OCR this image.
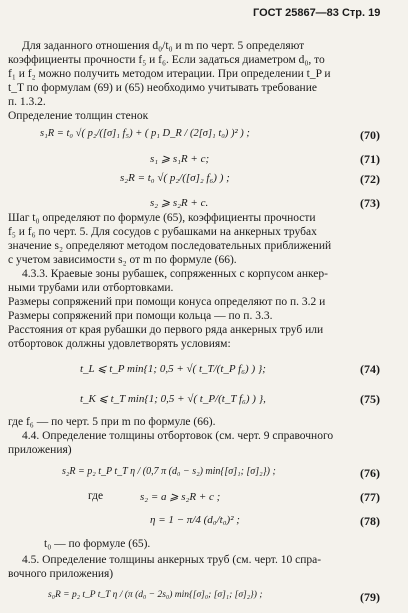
ГОСТ 25867—83 Стр. 19
Для заданного отношения d₀/t₀ и m по черт. 5 определяют
коэффициенты прочности f₅ и f₆. Если задаться диаметром d₀, то
f₁ и f₂ можно получить методом итерации. При определении t_P и
t_T по формулам (69) и (65) необходимо учитывать требование
п. 1.3.2.
Определение толщин стенок
s₁R = t₀ √( p₂/([σ]₁ f₅) + ( p₁ D_R / (2[σ]₁ t₀) )² ) ;	(70)
s₁ ⩾ s₁R + c;	(71)
s₂R = t₀ √( p₂/([σ]₂ f₆) ) ;	(72)
s₂ ⩾ s₂R + c.	(73)
Шаг t₀ определяют по формуле (65), коэффициенты прочности
f₅ и f₆ по черт. 5. Для сосудов с рубашками на анкерных трубах
значение s₂ определяют методом последовательных приближений
с учетом зависимости s₂ от m по формуле (66).
4.3.3. Краевые зоны рубашек, сопряженных с корпусом анкер-
ными трубами или отбортовками.
Размеры сопряжений при помощи конуса определяют по п. 3.2 и
Размеры сопряжений при помощи кольца — по п. 3.3.
Расстояния от края рубашки до первого ряда анкерных труб или
отбортовок должны удовлетворять условиям:
t_L ⩽ t_P min{1; 0,5 + √( t_T/(t_P f₆) ) };	(74)
t_K ⩽ t_T min{1; 0,5 + √( t_P/(t_T f₆) ) },	(75)
где f₆ — по черт. 5 при m по формуле (66).
4.4. Определение толщины отбортовок (см. черт. 9 справочного
приложения)
s₂R = p₂ t_P t_T η / (0,7 π (d₀ − s₂) min{[σ]₁; [σ]₂}) ;	(76)
где	s₂ = a ⩾ s₂R + c ;	(77)
η = 1 − π/4 (d₀/t₀)² ;	(78)
t₀ — по формуле (65).
4.5. Определение толщины анкерных труб (см. черт. 10 спра-
вочного приложения)
s₀R = p₂ t_P t_T η / (π (d₀ − 2s₀) min{[σ]₀; [σ]₁; [σ]₂}) ;	(79)
